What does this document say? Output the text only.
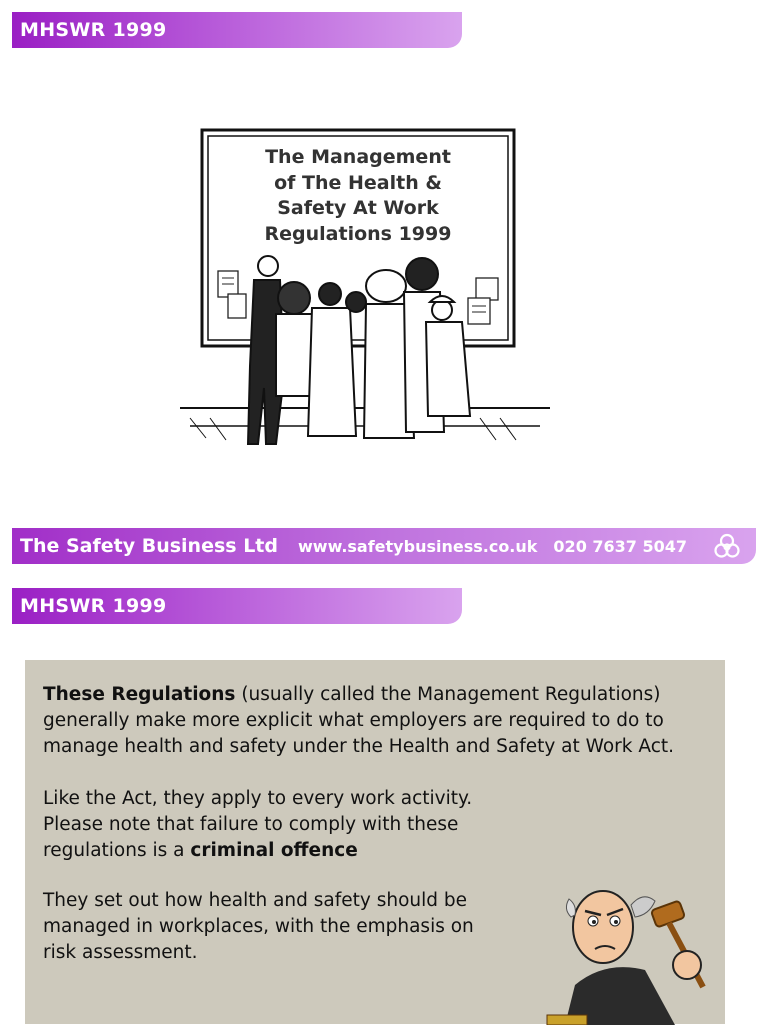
MHSWR 1999
The Management
of The Health &
Safety At Work
Regulations 1999
The Safety Business Ltd www.safetybusiness.co.uk 020 7637 5047
MHSWR 1999

These Regulations (usually called the Management Regulations) generally make more explicit what employers are required to do to manage health and safety under the Health and Safety at Work Act.

Like the Act, they apply to every work activity. Please note that failure to comply with these regulations is a criminal offence

They set out how health and safety should be managed in workplaces, with the emphasis on risk assessment.
